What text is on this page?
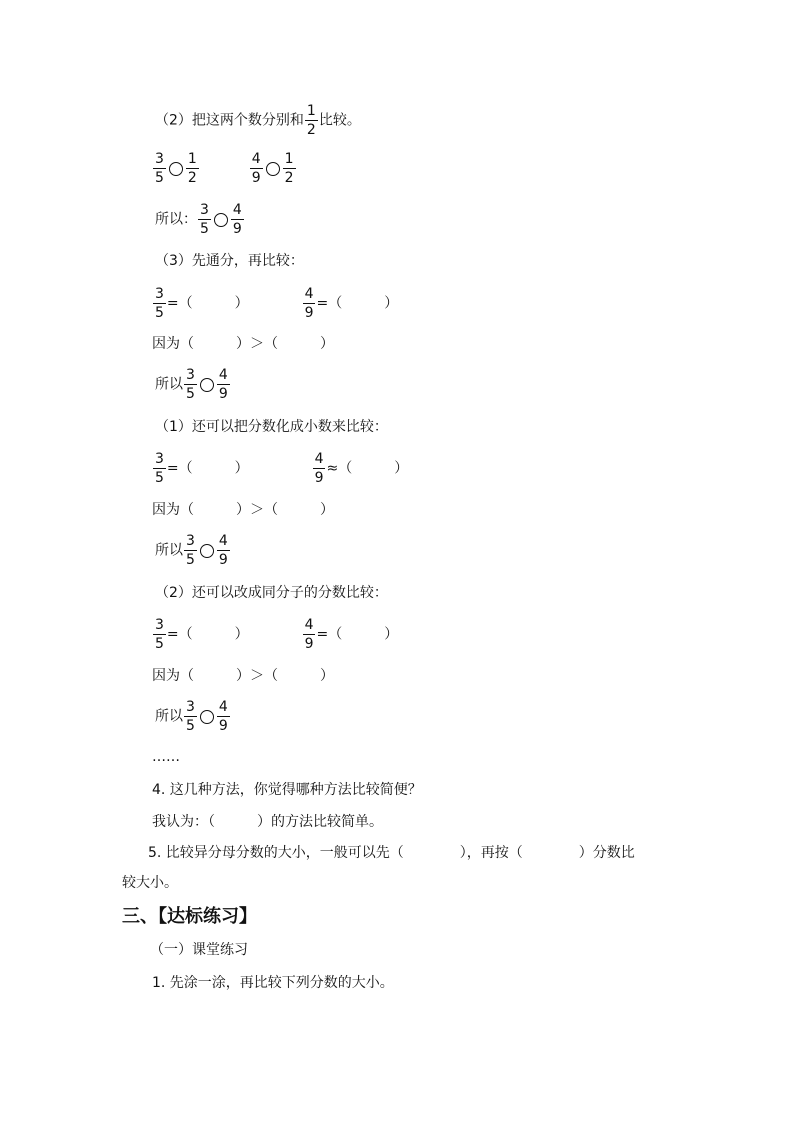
（2）把这两个数分别和 $\frac{1}{2}$ 比较。
$\frac{3}{5} \frac{1}{2}$
	$\frac{4}{9} \frac{1}{2}$
所以： $\frac{3}{5} \frac{4}{9}$
（3）先通分，再比较：
$\frac{3}{5}$ =（　　　）	$\frac{4}{9}$ =（　　　）
因为（　　　）＞（　　　）
所以 $\frac{3}{5} \frac{4}{9}$
（1）还可以把分数化成小数来比较：
$\frac{3}{5}$ =（　　　）	$\frac{4}{9}$ ≈（　　　）
因为（　　　）＞（　　　）
所以 $\frac{3}{5} \frac{4}{9}$
（2）还可以改成同分子的分数比较：
$\frac{3}{5}$ =（　　　）	$\frac{4}{9}$ =（　　　）
因为（　　　）＞（　　　）
所以 $\frac{3}{5} \frac{4}{9}$
……
4. 这几种方法，你觉得哪种方法比较简便？
我认为：（　　　）的方法比较简单。
5. 比较异分母分数的大小，一般可以先（　　　　），再按（　　　　）分数比
较大小。
三、【达标练习】
（一）课堂练习
1. 先涂一涂，再比较下列分数的大小。
